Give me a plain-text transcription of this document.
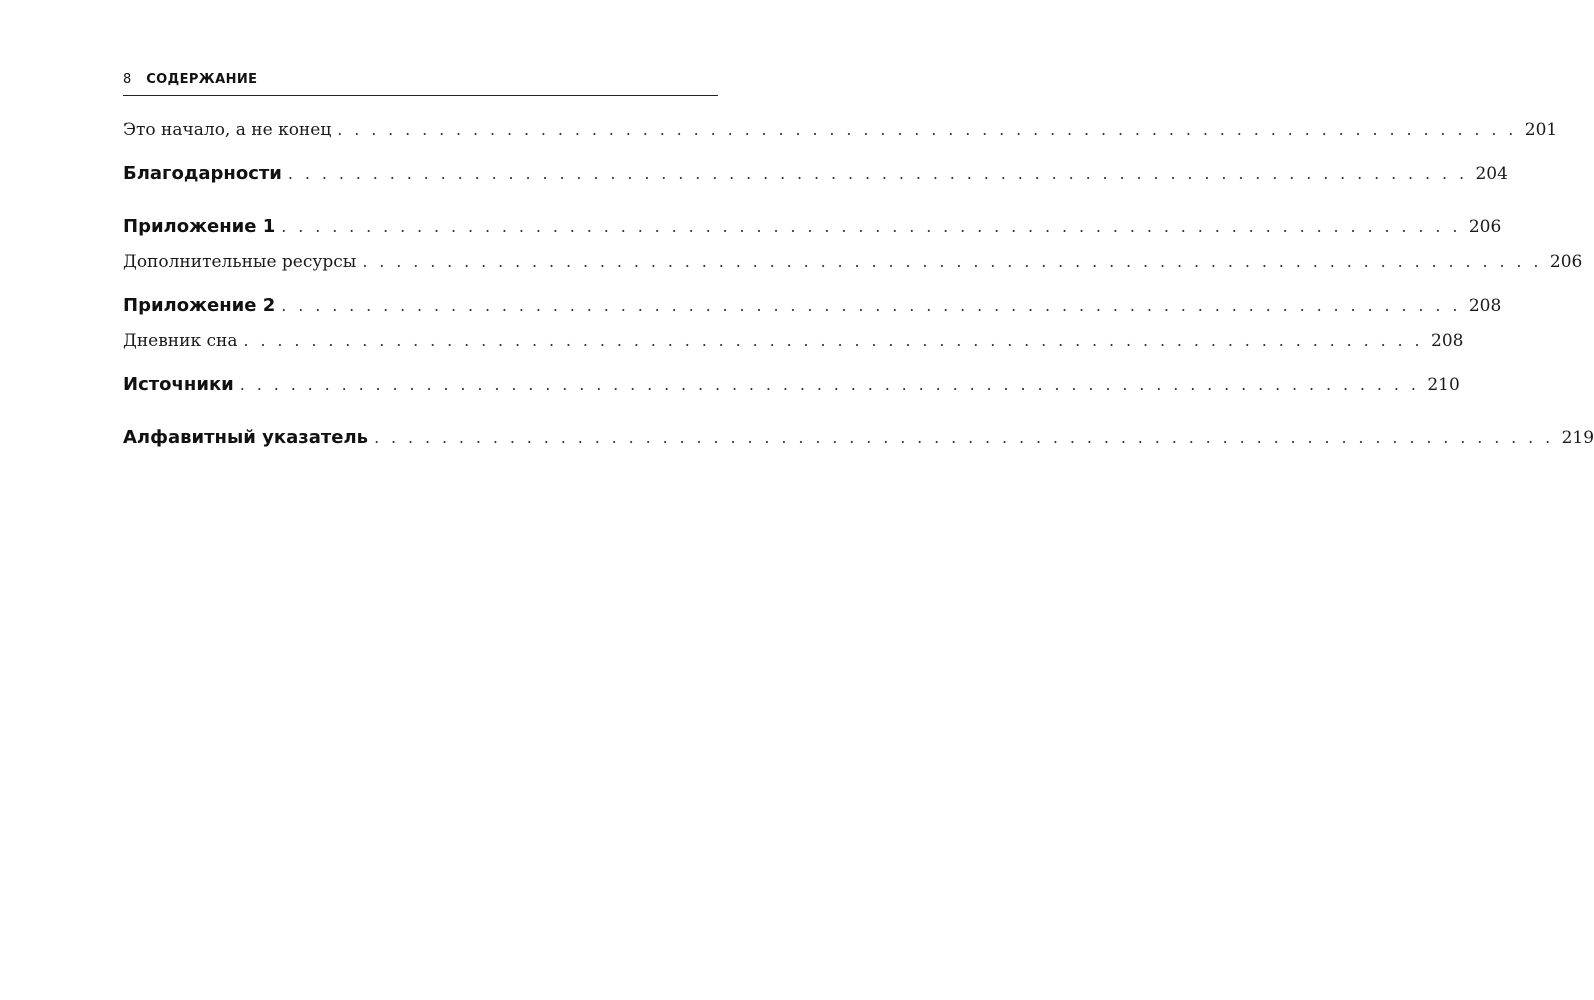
8 СОДЕРЖАНИЕ
Это начало, а не конец . . . . . . . . . . . . . . . . . . . . . . . . . . . . . . . . . . . . . . . . . . . . . . . . . . . . . . . . . . . . . . . . . . . . . . 201
Благодарности . . . . . . . . . . . . . . . . . . . . . . . . . . . . . . . . . . . . . . . . . . . . . . . . . . . . . . . . . . . . . . . . . . . . . . 204
Приложение 1 . . . . . . . . . . . . . . . . . . . . . . . . . . . . . . . . . . . . . . . . . . . . . . . . . . . . . . . . . . . . . . . . . . . . . . 206
Дополнительные ресурсы . . . . . . . . . . . . . . . . . . . . . . . . . . . . . . . . . . . . . . . . . . . . . . . . . . . . . . . . . . . . . . . . . . . . . . 206
Приложение 2 . . . . . . . . . . . . . . . . . . . . . . . . . . . . . . . . . . . . . . . . . . . . . . . . . . . . . . . . . . . . . . . . . . . . . . 208
Дневник сна . . . . . . . . . . . . . . . . . . . . . . . . . . . . . . . . . . . . . . . . . . . . . . . . . . . . . . . . . . . . . . . . . . . . . . 208
Источники . . . . . . . . . . . . . . . . . . . . . . . . . . . . . . . . . . . . . . . . . . . . . . . . . . . . . . . . . . . . . . . . . . . . . . 210
Алфавитный указатель . . . . . . . . . . . . . . . . . . . . . . . . . . . . . . . . . . . . . . . . . . . . . . . . . . . . . . . . . . . . . . . . . . . . . . 219
